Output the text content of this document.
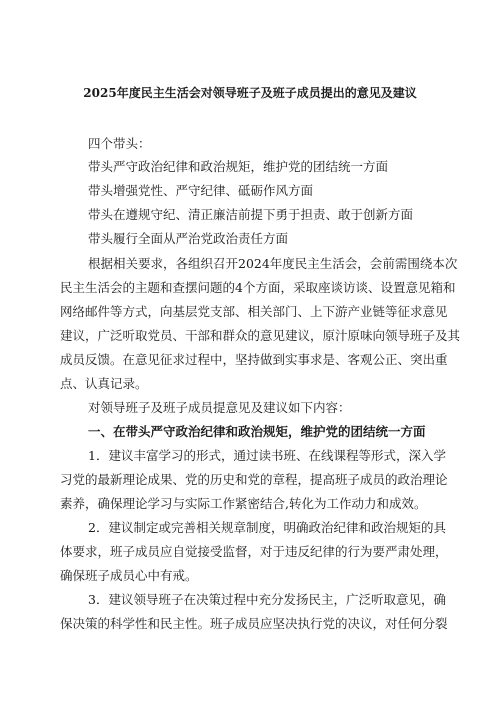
2025年度民主生活会对领导班子及班子成员提出的意见及建议
四个带头：
带头严守政治纪律和政治规矩，维护党的团结统一方面
带头增强党性、严守纪律、砥砺作风方面
带头在遵规守纪、清正廉洁前提下勇于担责、敢于创新方面
带头履行全面从严治党政治责任方面
根据相关要求，各组织召开2024年度民主生活会，会前需围绕本次
民主生活会的主题和查摆问题的4个方面，采取座谈访谈、设置意见箱和
网络邮件等方式，向基层党支部、相关部门、上下游产业链等征求意见
建议，广泛听取党员、干部和群众的意见建议，原汁原味向领导班子及其
成员反馈。在意见征求过程中，坚持做到实事求是、客观公正、突出重
点、认真记录。
对领导班子及班子成员提意见及建议如下内容：
一、在带头严守政治纪律和政治规矩，维护党的团结统一方面
1．建议丰富学习的形式，通过读书班、在线课程等形式，深入学
习党的最新理论成果、党的历史和党的章程，提高班子成员的政治理论
素养，确保理论学习与实际工作紧密结合,转化为工作动力和成效。
2．建议制定或完善相关规章制度，明确政治纪律和政治规矩的具
体要求，班子成员应自觉接受监督，对于违反纪律的行为要严肃处理，
确保班子成员心中有戒。
3．建议领导班子在决策过程中充分发扬民主，广泛听取意见，确
保决策的科学性和民主性。班子成员应坚决执行党的决议，对任何分裂
